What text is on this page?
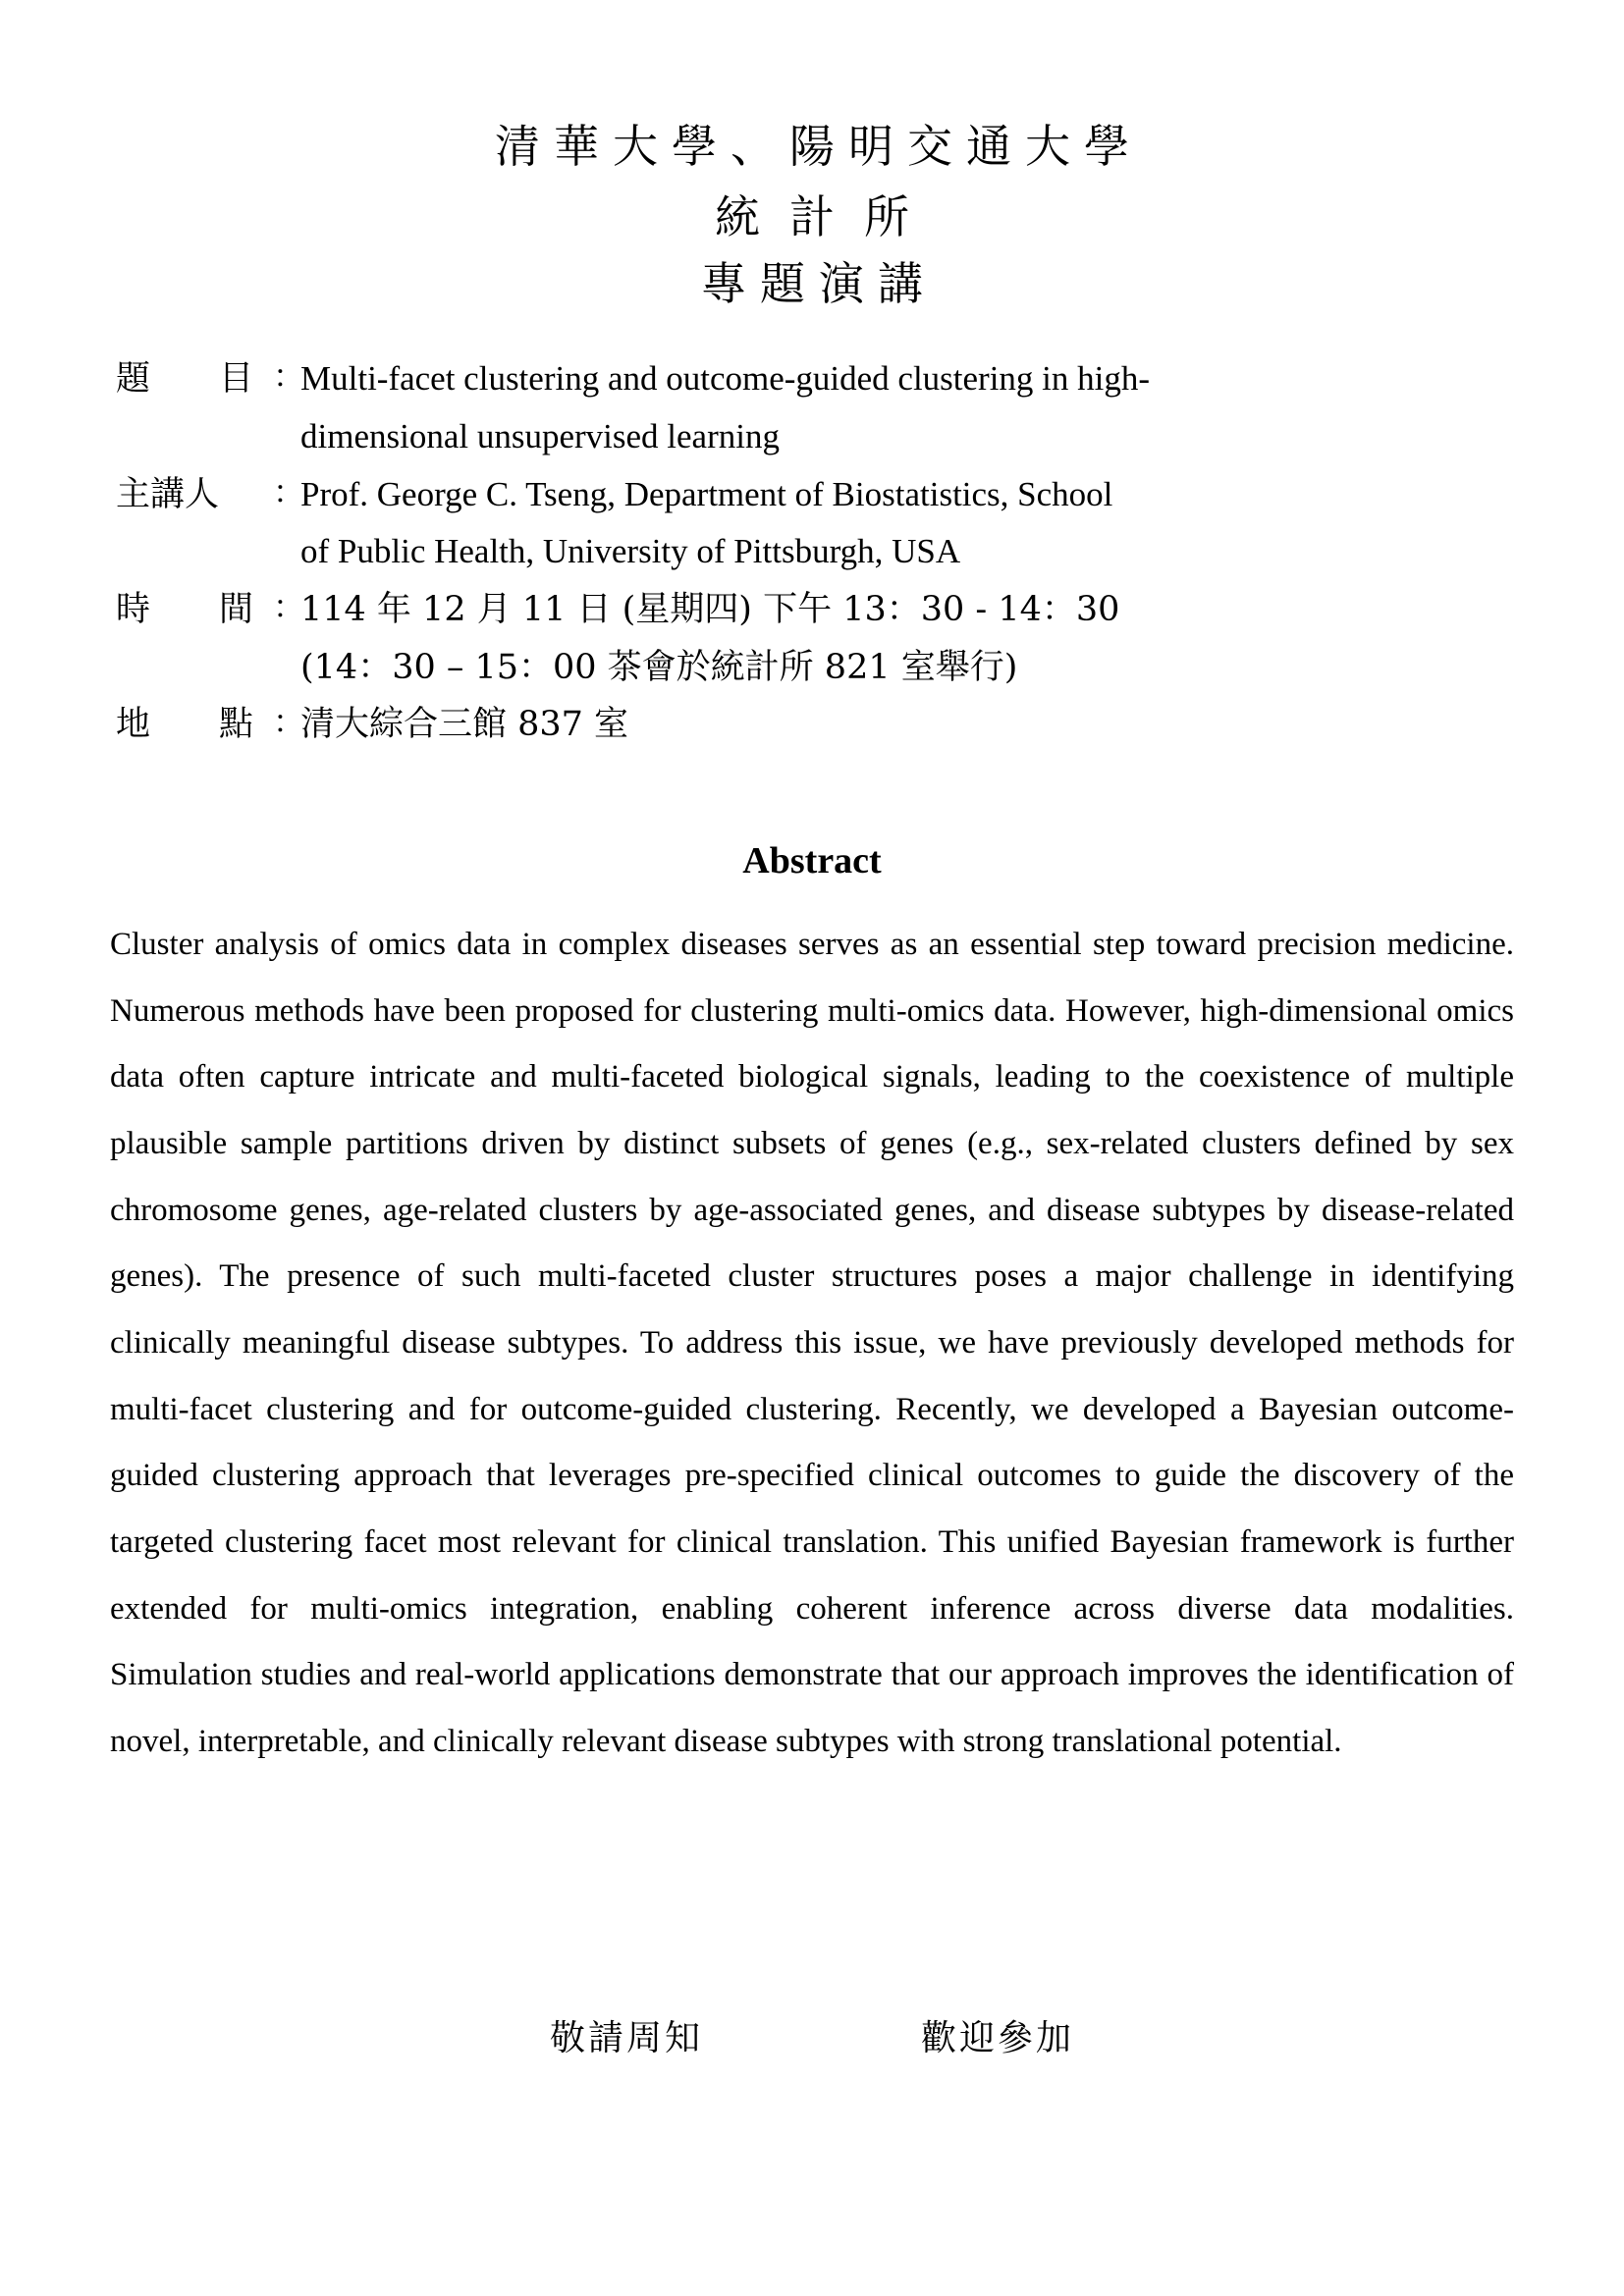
清華大學、陽明交通大學
統計所
專題演講
題　　目 ：
Multi-facet clustering and outcome-guided clustering in high-
dimensional unsupervised learning
主講人	：
Prof. George C. Tseng, Department of Biostatistics, School
of Public Health, University of Pittsburgh, USA
時　　間 ：
114 年 12 月 11 日 (星期四) 下午 13：30 - 14：30
(14：30 – 15：00 茶會於統計所 821 室舉行)
地　　點 ：
清大綜合三館 837 室
Abstract
Cluster analysis of omics data in complex diseases serves as an essential step toward precision medicine. Numerous methods have been proposed for clustering multi-omics data. However, high-dimensional omics data often capture intricate and multi-faceted biological signals, leading to the coexistence of multiple plausible sample partitions driven by distinct subsets of genes (e.g., sex-related clusters defined by sex chromosome genes, age-related clusters by age-associated genes, and disease subtypes by disease-related genes). The presence of such multi-faceted cluster structures poses a major challenge in identifying clinically meaningful disease subtypes. To address this issue, we have previously developed methods for multi-facet clustering and for outcome-guided clustering. Recently, we developed a Bayesian outcome-guided clustering approach that leverages pre-specified clinical outcomes to guide the discovery of the targeted clustering facet most relevant for clinical translation. This unified Bayesian framework is further extended for multi-omics integration, enabling coherent inference across diverse data modalities. Simulation studies and real-world applications demonstrate that our approach improves the identification of novel, interpretable, and clinically relevant disease subtypes with strong translational potential.
敬請周知	歡迎參加
